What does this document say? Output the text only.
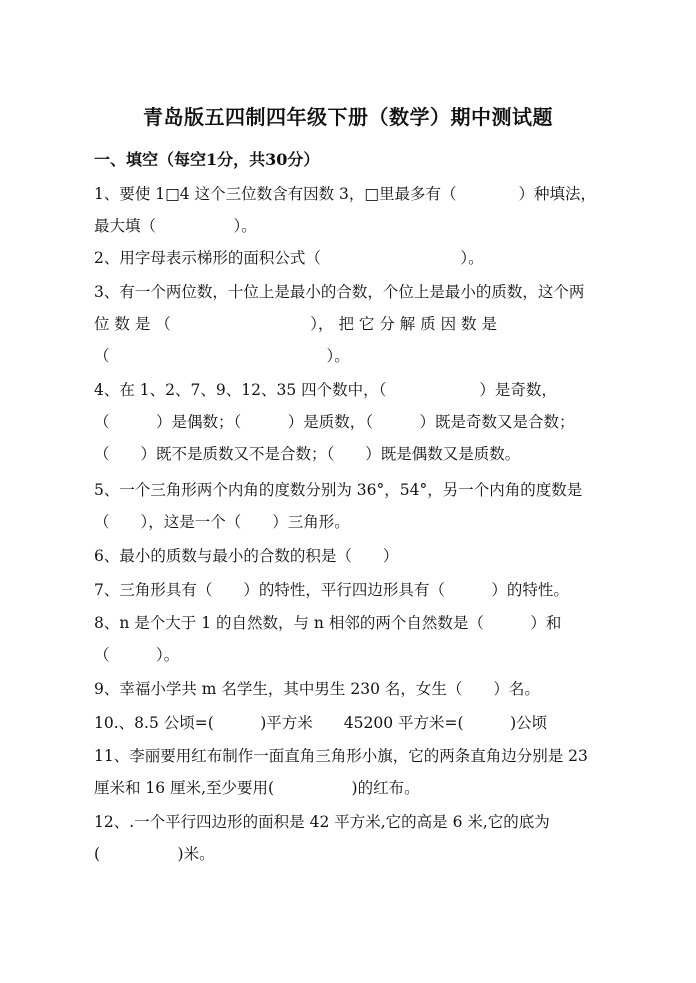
青岛版五四制四年级下册（数学）期中测试题
一、填空（每空1分，共30分）
1、要使 1□4 这个三位数含有因数 3，□里最多有（　　　　）种填法，
最大填（　　　　　）。
2、用字母表示梯形的面积公式（　　　　　　　　　）。
3、有一个两位数，十位上是最小的合数，个位上是最小的质数，这个两
位 数 是 （　　　　　　　　　）， 把 它 分 解 质 因 数 是
（　　　　　　　　　　　　　　）。
4、在 1、2、7、9、12、35 四个数中，（　　　　　　）是奇数，
（　　　）是偶数；（　　　）是质数，（　　　）既是奇数又是合数；
（　　）既不是质数又不是合数；（　　）既是偶数又是质数。
5、一个三角形两个内角的度数分别为 36°，54°，另一个内角的度数是
（　　），这是一个（　　）三角形。
6、最小的质数与最小的合数的积是（　　）
7、三角形具有（　　）的特性，平行四边形具有（　　　）的特性。
8、n 是个大于 1 的自然数，与 n 相邻的两个自然数是（　　　）和
（　　　）。
9、幸福小学共 m 名学生，其中男生 230 名，女生（　　）名。
10.、8.5 公顷=(　　　)平方米　　45200 平方米=(　　　)公顷
11、李丽要用红布制作一面直角三角形小旗，它的两条直角边分别是 23
厘米和 16 厘米,至少要用(　　　　　)的红布。
12、.一个平行四边形的面积是 42 平方米,它的高是 6 米,它的底为
(　　　　　)米。
